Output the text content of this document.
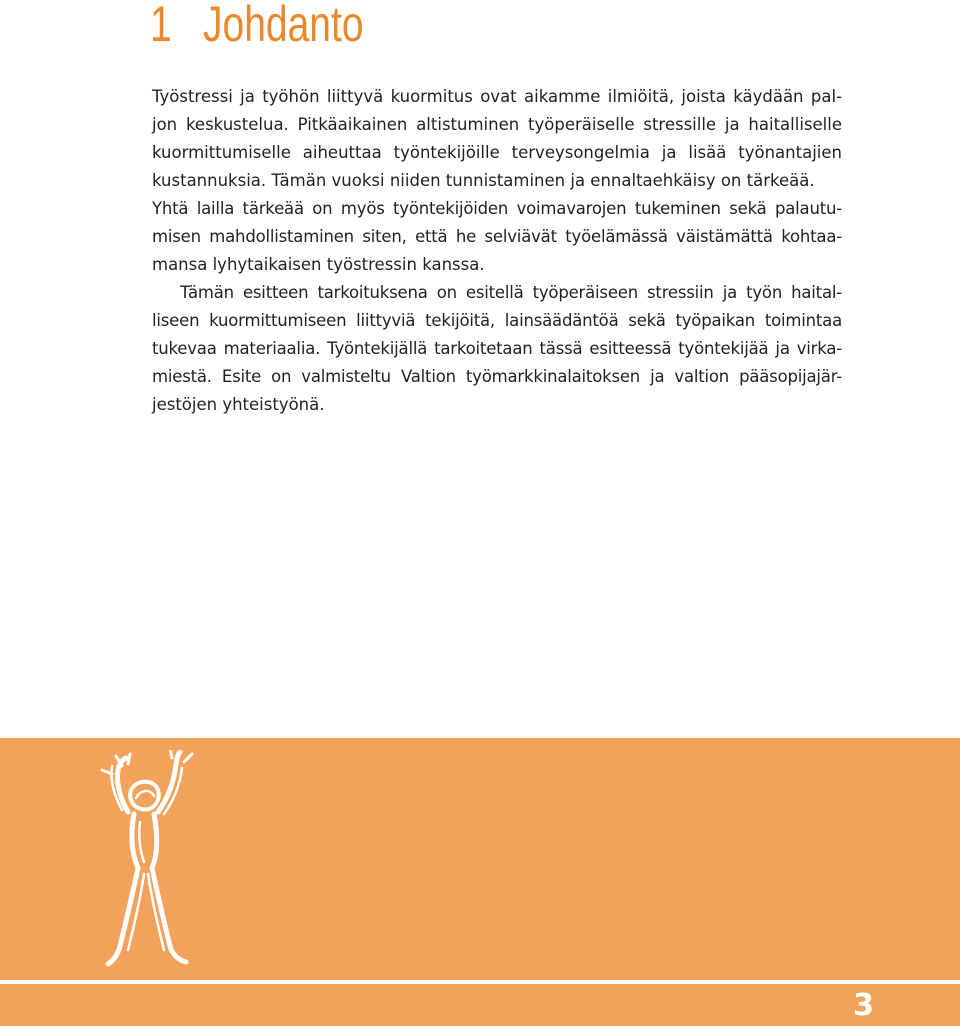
1 Johdanto
Työstressi ja työhön liittyvä kuormitus ovat aikamme ilmiöitä, joista käydään pal-
jon keskustelua. Pitkäaikainen altistuminen työperäiselle stressille ja haitalliselle
kuormittumiselle aiheuttaa työntekijöille terveysongelmia ja lisää työnantajien
kustannuksia. Tämän vuoksi niiden tunnistaminen ja ennaltaehkäisy on tärkeää.
Yhtä lailla tärkeää on myös työntekijöiden voimavarojen tukeminen sekä palautu-
misen mahdollistaminen siten, että he selviävät työelämässä väistämättä kohtaa-
mansa lyhytaikaisen työstressin kanssa.
Tämän esitteen tarkoituksena on esitellä työperäiseen stressiin ja työn haital-
liseen kuormittumiseen liittyviä tekijöitä, lainsäädäntöä sekä työpaikan toimintaa
tukevaa materiaalia. Työntekijällä tarkoitetaan tässä esitteessä työntekijää ja virka-
miestä. Esite on valmisteltu Valtion työmarkkinalaitoksen ja valtion pääsopijajär-
jestöjen yhteistyönä.
3
